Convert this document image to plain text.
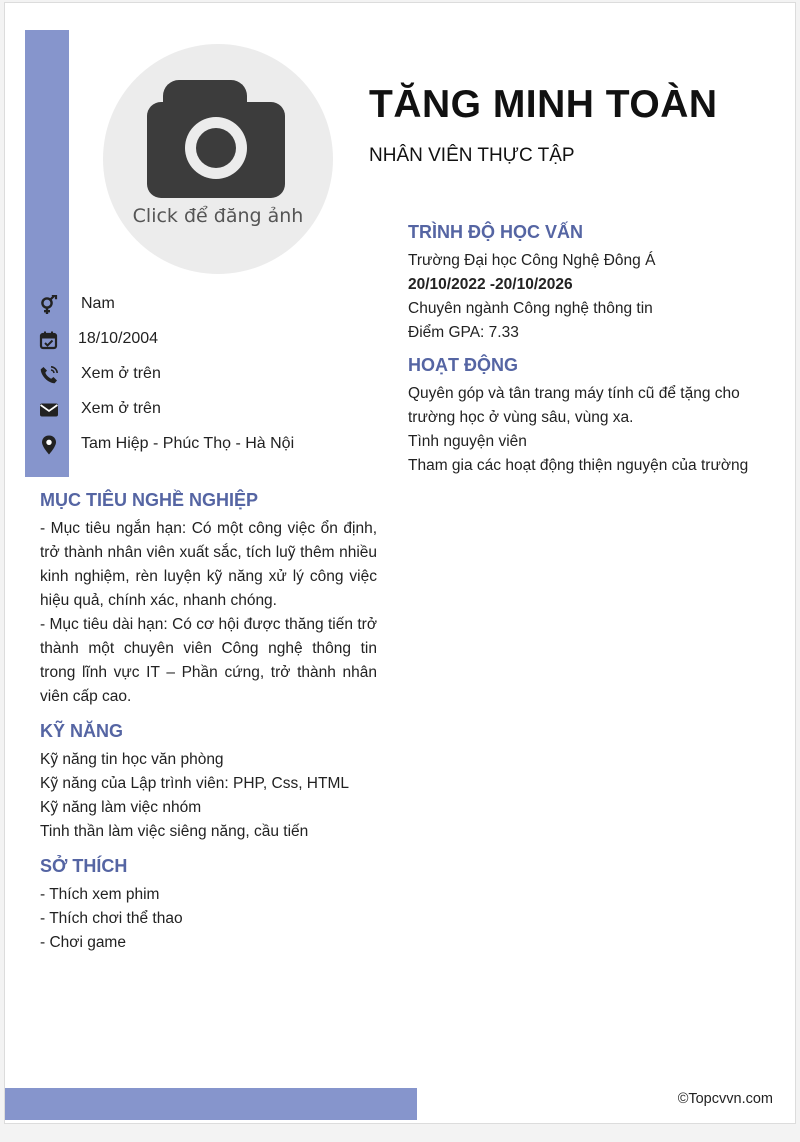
Click để đăng ảnh
TĂNG MINH TOÀN
NHÂN VIÊN THỰC TẬP
Nam
18/10/2004
Xem ở trên
Xem ở trên
Tam Hiệp - Phúc Thọ - Hà Nội
MỤC TIÊU NGHỀ NGHIỆP
- Mục tiêu ngắn hạn: Có một công việc ổn định, trở thành nhân viên xuất sắc, tích luỹ thêm nhiều kinh nghiệm, rèn luyện kỹ năng xử lý công việc hiệu quả, chính xác, nhanh chóng.
- Mục tiêu dài hạn: Có cơ hội được thăng tiến trở thành một chuyên viên Công nghệ thông tin trong lĩnh vực IT – Phần cứng, trở thành nhân viên cấp cao.
KỸ NĂNG
Kỹ năng tin học văn phòng
Kỹ năng của Lập trình viên: PHP, Css, HTML
Kỹ năng làm việc nhóm
Tinh thần làm việc siêng năng, cầu tiến
SỞ THÍCH
- Thích xem phim
- Thích chơi thể thao
- Chơi game
TRÌNH ĐỘ HỌC VẤN
Trường Đại học Công Nghệ Đông Á
20/10/2022 -20/10/2026
Chuyên ngành Công nghệ thông tin
Điểm GPA: 7.33
HOẠT ĐỘNG
Quyên góp và tân trang máy tính cũ để tặng cho trường học ở vùng sâu, vùng xa.
Tình nguyện viên
Tham gia các hoạt động thiện nguyện của trường
©Topcvvn.com
